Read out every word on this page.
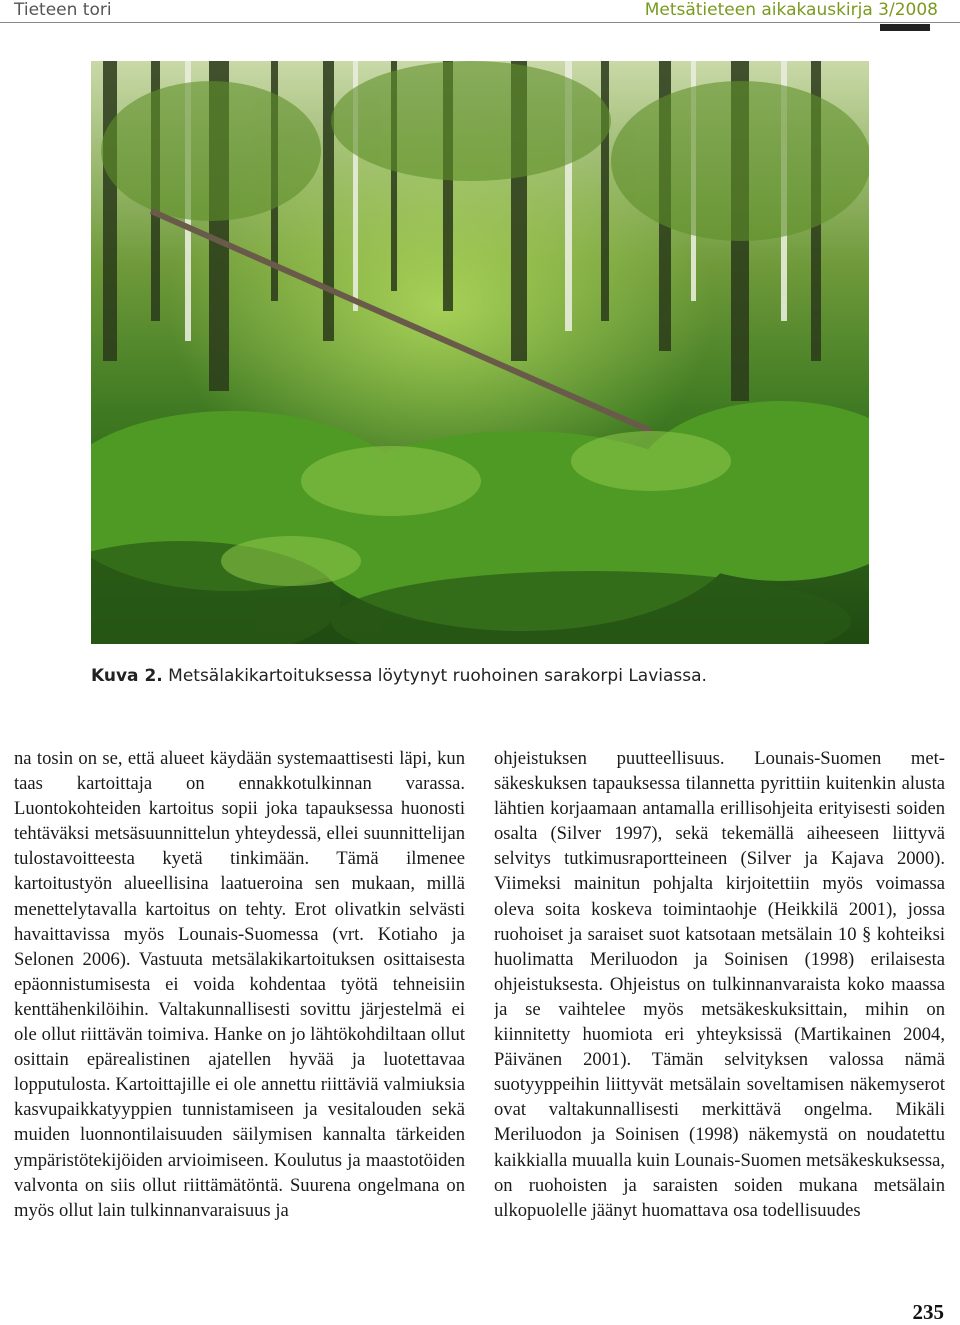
Tieteen tori	Metsätieteen aikakauskirja 3/2008
Kuva 2. Metsälakikartoituksessa löytynyt ruohoinen sarakorpi Laviassa.

na tosin on se, että alueet käydään systemaattisesti läpi, kun taas kartoittaja on ennakkotulkinnan varassa. Luontokohteiden kartoitus sopii joka tapauksessa huonosti tehtäväksi metsäsuunnittelun yhteydessä, ellei suunnittelijan tulostavoitteesta kyetä tinkimään. Tämä ilmenee kartoitustyön alueellisina laatueroina sen mukaan, millä menettelytavalla kartoitus on tehty. Erot olivatkin selvästi havaittavissa myös Lounais-Suomessa (vrt. Kotiaho ja Selonen 2006). Vastuuta metsälakikartoituksen osittaisesta epäonnistumisesta ei voida kohdentaa työtä tehneisiin kenttähenkilöihin. Valtakunnallisesti sovittu järjestelmä ei ole ollut riittävän toimiva. Hanke on jo lähtökohdiltaan ollut osittain epärealistinen ajatellen hyvää ja luotettavaa lopputulosta. Kartoittajille ei ole annettu riittäviä valmiuksia kasvupaikkatyyppien tunnistamiseen ja vesitalouden sekä muiden luonnontilaisuuden säilymisen kannalta tärkeiden ympäristötekijöiden arvioimiseen. Koulutus ja maastotöiden valvonta on siis ollut riittämätöntä. Suurena ongelmana on myös ollut lain tulkinnanvaraisuus ja

ohjeistuksen puutteellisuus. Lounais-Suomen metsäkeskuksen tapauksessa tilannetta pyrittiin kuitenkin alusta lähtien korjaamaan antamalla erillisohjeita erityisesti soiden osalta (Silver 1997), sekä tekemällä aiheeseen liittyvä selvitys tutkimusraportteineen (Silver ja Kajava 2000). Viimeksi mainitun pohjalta kirjoitettiin myös voimassa oleva soita koskeva toimintaohje (Heikkilä 2001), jossa ruohoiset ja saraiset suot katsotaan metsälain 10 § kohteiksi huolimatta Meriluodon ja Soinisen (1998) erilaisesta ohjeistuksesta. Ohjeistus on tulkinnanvaraista koko maassa ja se vaihtelee myös metsäkeskuksittain, mihin on kiinnitetty huomiota eri yhteyksissä (Martikainen 2004, Päivänen 2001). Tämän selvityksen valossa nämä suotyyppeihin liittyvät metsälain soveltamisen näkemyserot ovat valtakunnallisesti merkittävä ongelma. Mikäli Meriluodon ja Soinisen (1998) näkemystä on noudatettu kaikkialla muualla kuin Lounais-Suomen metsäkeskuksessa, on ruohoisten ja saraisten soiden mukana metsälain ulkopuolelle jäänyt huomattava osa todellisuudes

235
